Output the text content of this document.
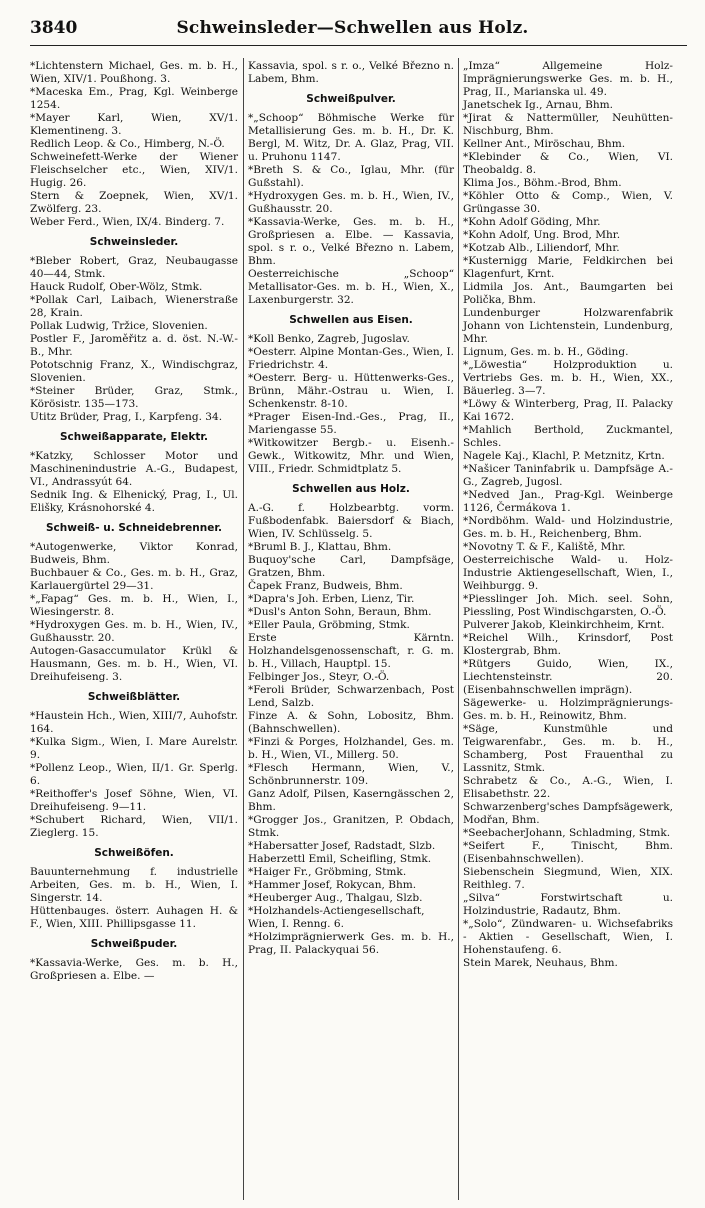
3840	Schweinsleder—Schwellen aus Holz.

*Lichtenstern Michael, Ges. m. b. H., Wien, XIV/1. Poußhong. 3.

*Maceska Em., Prag, Kgl. Weinberge 1254.

*Mayer Karl, Wien, XV/1. Klementineng. 3.

Redlich Leop. & Co., Himberg, N.-Ö.

Schweinefett-Werke der Wiener Fleischselcher etc., Wien, XIV/1. Hugig. 26.

Stern & Zoepnek, Wien, XV/1. Zwölferg. 23.

Weber Ferd., Wien, IX/4. Binderg. 7.

Schweinsleder.

*Bleber Robert, Graz, Neubaugasse 40—44, Stmk.

Hauck Rudolf, Ober-Wölz, Stmk.

*Pollak Carl, Laibach, Wienerstraße 28, Krain.

Pollak Ludwig, Tržice, Slovenien.

Postler F., Jaroměřitz a. d. öst. N.-W.-B., Mhr.

Pototschnig Franz, X., Windischgraz, Slovenien.

*Steiner Brüder, Graz, Stmk., Körösistr. 135—173.

Utitz Brüder, Prag, I., Karpfeng. 34.

Schweißapparate, Elektr.

*Katzky, Schlosser Motor und Maschinenindustrie A.-G., Budapest, VI., Andrassyút 64.

Sednik Ing. & Elhenický, Prag, I., Ul. Elišky, Krásnohorské 4.

Schweiß- u. Schneidebrenner.

*Autogenwerke, Viktor Konrad, Budweis, Bhm.

Buchbauer & Co., Ges. m. b. H., Graz, Karlauergürtel 29—31.

*„Fapag“ Ges. m. b. H., Wien, I., Wiesingerstr. 8.

*Hydroxygen Ges. m. b. H., Wien, IV., Gußhausstr. 20.

Autogen-Gasaccumulator Krükl & Hausmann, Ges. m. b. H., Wien, VI. Dreihufeiseng. 3.

Schweißblätter.

*Haustein Hch., Wien, XIII/7, Auhofstr. 164.

*Kulka Sigm., Wien, I. Mare Aurelstr. 9.

*Pollenz Leop., Wien, II/1. Gr. Sperlg. 6.

*Reithoffer's Josef Söhne, Wien, VI. Dreihufeiseng. 9—11.

*Schubert Richard, Wien, VII/1. Zieglerg. 15.

Schweißöfen.

Bauunternehmung f. industrielle Arbeiten, Ges. m. b. H., Wien, I. Singerstr. 14.

Hüttenbauges. österr. Auhagen H. & F., Wien, XIII. Phillipsgasse 11.

Schweißpuder.

*Kassavia-Werke, Ges. m. b. H., Großpriesen a. Elbe. —

Kassavia, spol. s r. o., Velké Březno n. Labem, Bhm.

Schweißpulver.

*„Schoop“ Böhmische Werke für Metallisierung Ges. m. b. H., Dr. K. Bergl, M. Witz, Dr. A. Glaz, Prag, VII. u. Pruhonu 1147.

*Breth S. & Co., Iglau, Mhr. (für Gußstahl).

*Hydroxygen Ges. m. b. H., Wien, IV., Gußhausstr. 20.

*Kassavia-Werke, Ges. m. b. H., Großpriesen a. Elbe. — Kassavia, spol. s r. o., Velké Březno n. Labem, Bhm.

Oesterreichische „Schoop“ Metallisator-Ges. m. b. H., Wien, X., Laxenburgerstr. 32.

Schwellen aus Eisen.

*Koll Benko, Zagreb, Jugoslav.

*Oesterr. Alpine Montan-Ges., Wien, I. Friedrichstr. 4.

*Oesterr. Berg- u. Hüttenwerks-Ges., Brünn, Mähr.-Ostrau u. Wien, I. Schenkenstr. 8-10.

*Prager Eisen-Ind.-Ges., Prag, II., Mariengasse 55.

*Witkowitzer Bergb.- u. Eisenh.-Gewk., Witkowitz, Mhr. und Wien, VIII., Friedr. Schmidtplatz 5.

Schwellen aus Holz.

A.-G. f. Holzbearbtg. vorm. Fußbodenfabk. Baiersdorf & Biach, Wien, IV. Schlüsselg. 5.

*Bruml B. J., Klattau, Bhm.

Buquoy'sche Carl, Dampfsäge, Gratzen, Bhm.

Čapek Franz, Budweis, Bhm.

*Dapra's Joh. Erben, Lienz, Tir.

*Dusl's Anton Sohn, Beraun, Bhm.

*Eller Paula, Gröbming, Stmk.

Erste Kärntn. Holzhandelsgenossenschaft, r. G. m. b. H., Villach, Hauptpl. 15.

Felbinger Jos., Steyr, O.-Ö.

*Feroli Brüder, Schwarzenbach, Post Lend, Salzb.

Finze A. & Sohn, Lobositz, Bhm. (Bahnschwellen).

*Finzi & Porges, Holzhandel, Ges. m. b. H., Wien, VI., Millerg. 50.

*Flesch Hermann, Wien, V., Schönbrunnerstr. 109.

Ganz Adolf, Pilsen, Kaserngässchen 2, Bhm.

*Grogger Jos., Granitzen, P. Obdach, Stmk.

*Habersatter Josef, Radstadt, Slzb.

Haberzettl Emil, Scheifling, Stmk.

*Haiger Fr., Gröbming, Stmk.

*Hammer Josef, Rokycan, Bhm.

*Heuberger Aug., Thalgau, Slzb.

*Holzhandels-Actiengesellschaft, Wien, I. Renng. 6.

*Holzimprägnierwerk Ges. m. b. H., Prag, II. Palackyquai 56.

„Imza“ Allgemeine Holz-Imprägnierungswerke Ges. m. b. H., Prag, II., Marianska ul. 49.

Janetschek Ig., Arnau, Bhm.

*Jirat & Nattermüller, Neuhütten-Nischburg, Bhm.

Kellner Ant., Miröschau, Bhm.

*Klebinder & Co., Wien, VI. Theobaldg. 8.

Klima Jos., Böhm.-Brod, Bhm.

*Köhler Otto & Comp., Wien, V. Grüngasse 30.

*Kohn Adolf Göding, Mhr.

*Kohn Adolf, Ung. Brod, Mhr.

*Kotzab Alb., Liliendorf, Mhr.

*Kusternigg Marie, Feldkirchen bei Klagenfurt, Krnt.

Lidmila Jos. Ant., Baumgarten bei Polička, Bhm.

Lundenburger Holzwarenfabrik Johann von Lichtenstein, Lundenburg, Mhr.

Lignum, Ges. m. b. H., Göding.

*„Löwestia“ Holzproduktion u. Vertriebs Ges. m. b. H., Wien, XX., Bäuerleg. 3—7.

*Löwy & Winterberg, Prag, II. Palacky Kai 1672.

*Mahlich Berthold, Zuckmantel, Schles.

Nagele Kaj., Klachl, P. Metznitz, Krtn.

*Našicer Taninfabrik u. Dampfsäge A.-G., Zagreb, Jugosl.

*Nedved Jan., Prag-Kgl. Weinberge 1126, Čermákova 1.

*Nordböhm. Wald- und Holzindustrie, Ges. m. b. H., Reichenberg, Bhm.

*Novotny T. & F., Kaliště, Mhr.

Oesterreichische Wald- u. Holz-Industrie Aktiengesellschaft, Wien, I., Weihburgg. 9.

*Piesslinger Joh. Mich. seel. Sohn, Piessling, Post Windischgarsten, O.-Ö.

Pulverer Jakob, Kleinkirchheim, Krnt.

*Reichel Wilh., Krinsdorf, Post Klostergrab, Bhm.

*Rütgers Guido, Wien, IX., Liechtensteinstr. 20. (Eisenbahnschwellen imprägn).

Sägewerke- u. Holzimprägnierungs-Ges. m. b. H., Reinowitz, Bhm.

*Säge, Kunstmühle und Teigwarenfabr., Ges. m. b. H., Schamberg, Post Frauenthal zu Lassnitz, Stmk.

Schrabetz & Co., A.-G., Wien, I. Elisabethstr. 22.

Schwarzenberg'sches Dampfsägewerk, Modřan, Bhm.

*SeebacherJohann, Schladming, Stmk.

*Seifert F., Tinischt, Bhm. (Eisenbahnschwellen).

Siebenschein Siegmund, Wien, XIX. Reithleg. 7.

„Silva“ Forstwirtschaft u. Holzindustrie, Radautz, Bhm.

*„Solo“, Zündwaren- u. Wichsefabriks - Aktien - Gesellschaft, Wien, I. Hohenstaufeng. 6.

Stein Marek, Neuhaus, Bhm.
